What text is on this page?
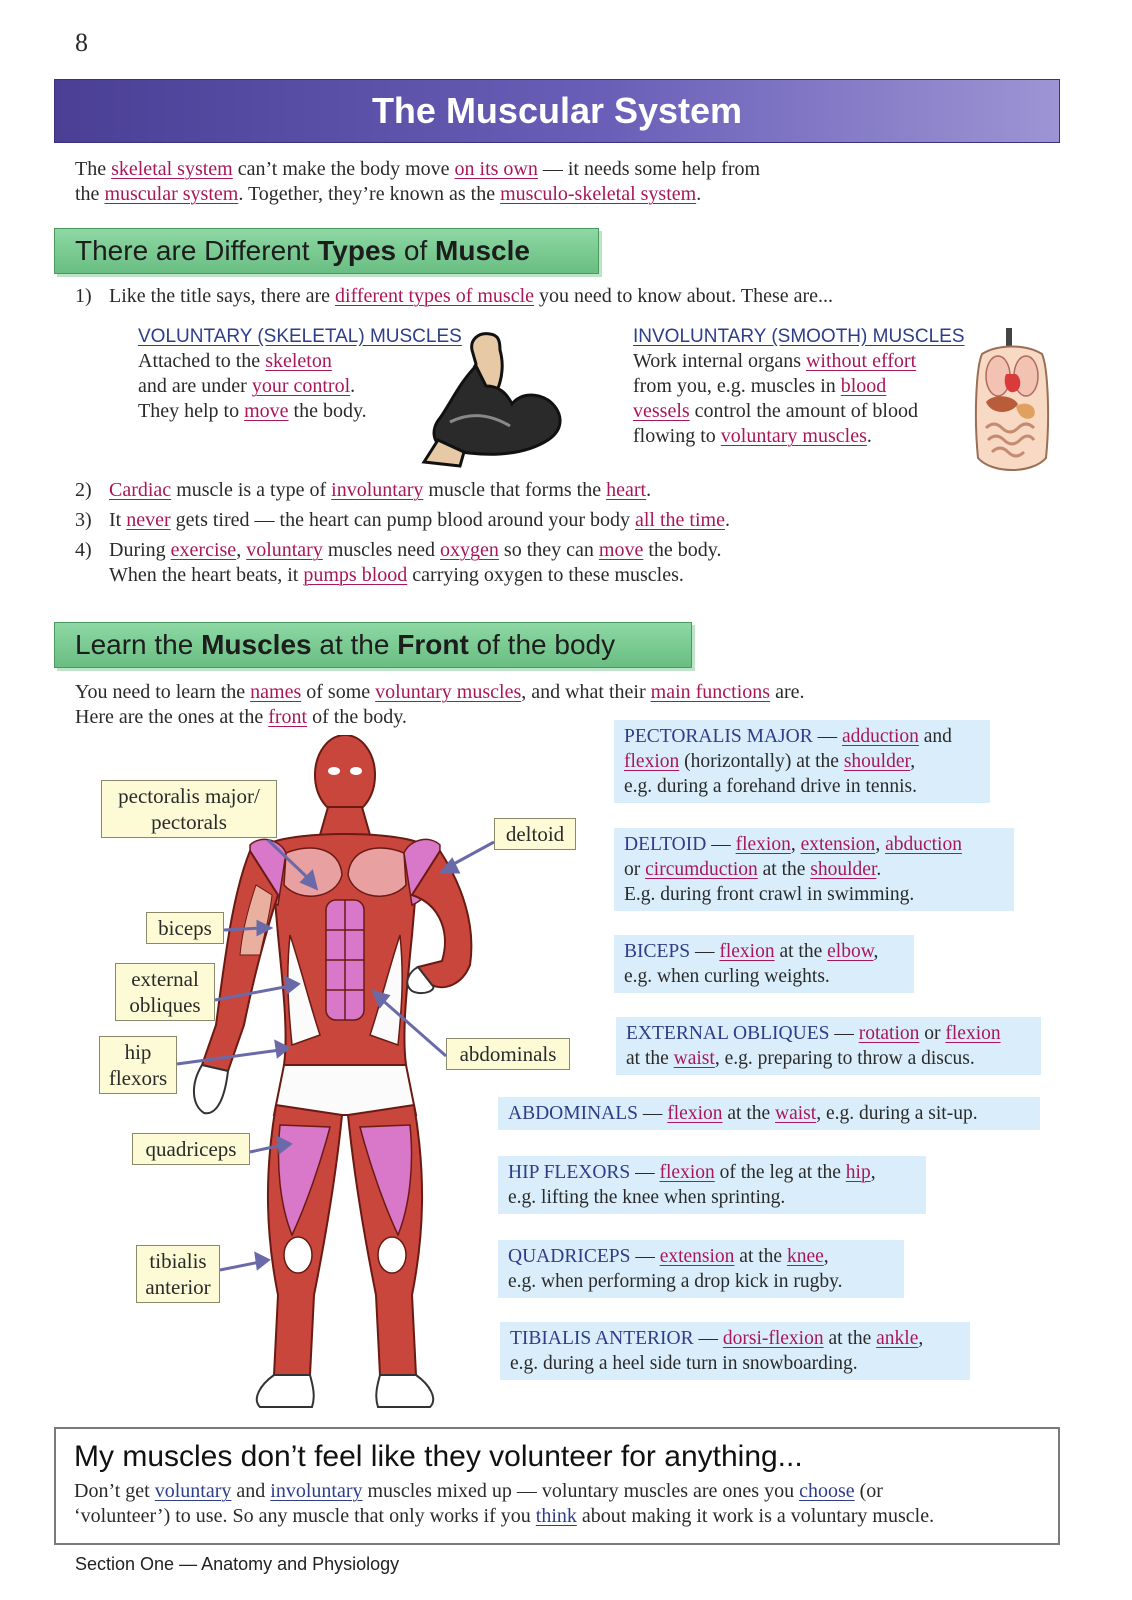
8
The Muscular System
The skeletal system can’t make the body move on its own — it needs some help from
the muscular system. Together, they’re known as the musculo-skeletal system.
There are Different Types of Muscle
1) Like the title says, there are different types of muscle you need to know about. These are...
VOLUNTARY (SKELETAL) MUSCLES
Attached to the skeleton
and are under your control.
They help to move the body.
INVOLUNTARY (SMOOTH) MUSCLES
Work internal organs without effort
from you, e.g. muscles in blood
vessels control the amount of blood
flowing to voluntary muscles.
2) Cardiac muscle is a type of involuntary muscle that forms the heart.
3) It never gets tired — the heart can pump blood around your body all the time.
4) During exercise, voluntary muscles need oxygen so they can move the body.
When the heart beats, it pumps blood carrying oxygen to these muscles.
Learn the Muscles at the Front of the body
You need to learn the names of some voluntary muscles, and what their main functions are.
Here are the ones at the front of the body.
pectoralis major/
pectorals	deltoid
biceps
external
obliques
hip
flexors
abdominals
quadriceps
tibialis
anterior
PECTORALIS MAJOR — adduction and
flexion (horizontally) at the shoulder,
e.g. during a forehand drive in tennis.
DELTOID — flexion, extension, abduction
or circumduction at the shoulder.
E.g. during front crawl in swimming.
BICEPS — flexion at the elbow,
e.g. when curling weights.
EXTERNAL OBLIQUES — rotation or flexion
at the waist, e.g. preparing to throw a discus.
ABDOMINALS — flexion at the waist, e.g. during a sit-up.
HIP FLEXORS — flexion of the leg at the hip,
e.g. lifting the knee when sprinting.
QUADRICEPS — extension at the knee,
e.g. when performing a drop kick in rugby.
TIBIALIS ANTERIOR — dorsi-flexion at the ankle,
e.g. during a heel side turn in snowboarding.
My muscles don’t feel like they volunteer for anything...
Don’t get voluntary and involuntary muscles mixed up — voluntary muscles are ones you choose (or
‘volunteer’) to use. So any muscle that only works if you think about making it work is a voluntary muscle.
Section One — Anatomy and Physiology
